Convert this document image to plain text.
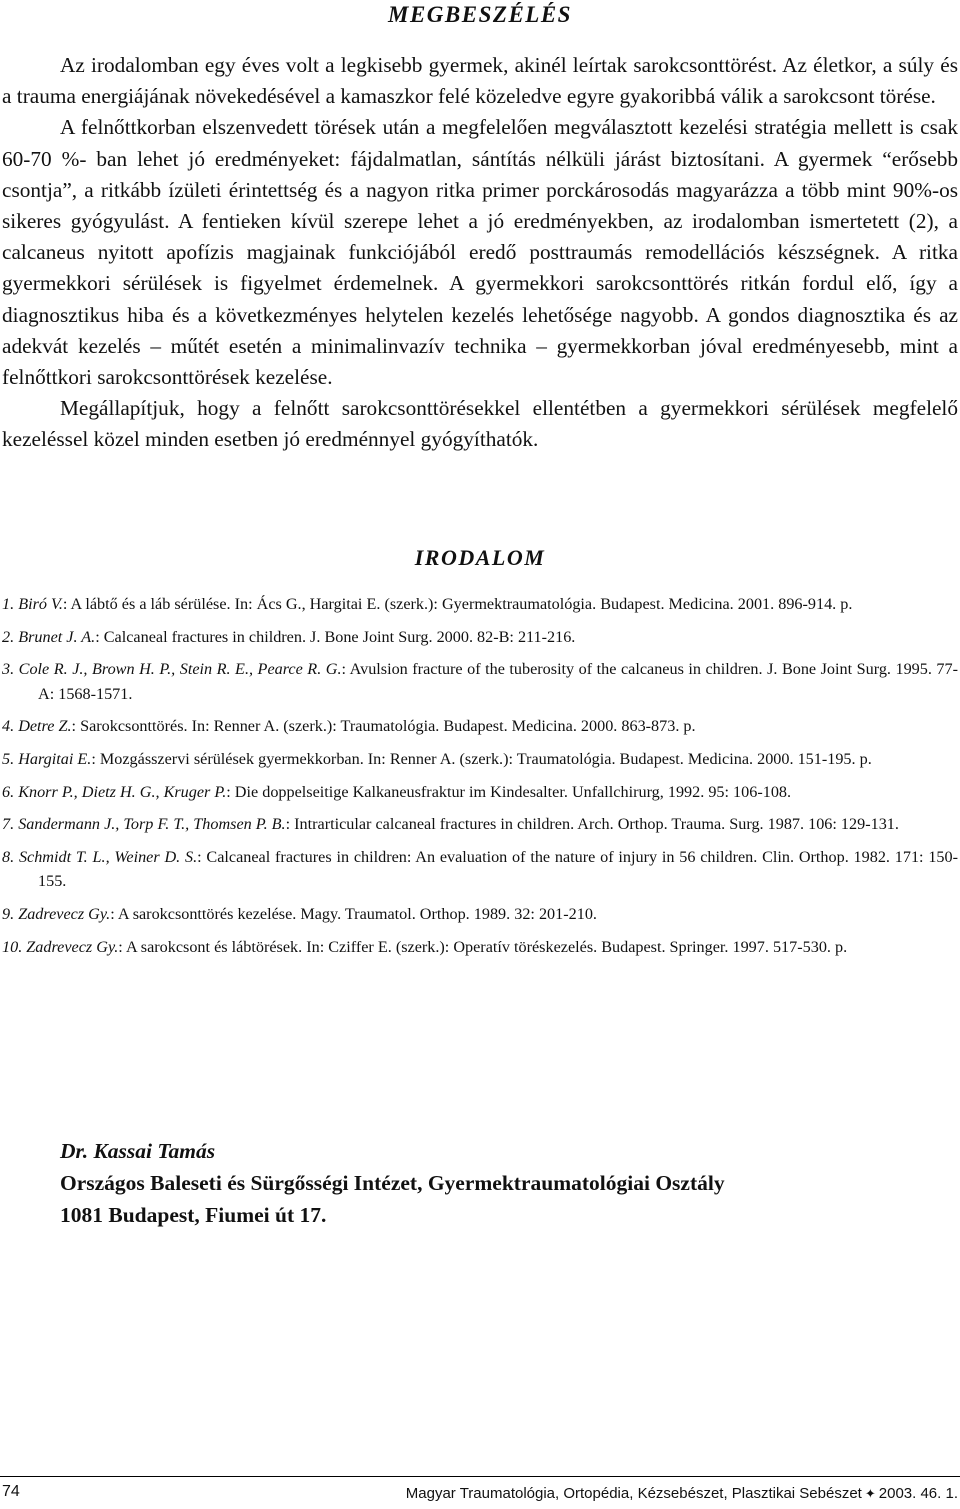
MEGBESZÉLÉS

Az irodalomban egy éves volt a legkisebb gyermek, akinél leírtak sarokcsonttörést. Az életkor, a súly és a trauma energiájának növekedésével a kamaszkor felé közeledve egyre gyakoribbá válik a sarokcsont törése.

A felnőttkorban elszenvedett törések után a megfelelően megválasztott kezelési stratégia mellett is csak 60-70 %- ban lehet jó eredményeket: fájdalmatlan, sántítás nélküli járást biztosítani. A gyermek “erősebb csontja”, a ritkább ízületi érintettség és a nagyon ritka primer porckárosodás magyarázza a több mint 90%-os sikeres gyógyulást. A fentieken kívül szerepe lehet a jó eredményekben, az irodalomban ismertetett (2), a calcaneus nyitott apofízis magjainak funkciójából eredő posttraumás remodellációs készségnek. A ritka gyermekkori sérülések is figyelmet érdemelnek. A gyermekkori sarokcsonttörés ritkán fordul elő, így a diagnosztikus hiba és a következményes helytelen kezelés lehetősége nagyobb. A gondos diagnosztika és az adekvát kezelés – műtét esetén a minimalinvazív technika – gyermekkorban jóval eredményesebb, mint a felnőttkori sarokcsonttörések kezelése.

Megállapítjuk, hogy a felnőtt sarokcsonttörésekkel ellentétben a gyermekkori sérülések megfelelő kezeléssel közel minden esetben jó eredménnyel gyógyíthatók.

IRODALOM
1. Biró V.: A lábtő és a láb sérülése. In: Ács G., Hargitai E. (szerk.): Gyermektraumatológia. Budapest. Medicina. 2001. 896-914. p.
2. Brunet J. A.: Calcaneal fractures in children. J. Bone Joint Surg. 2000. 82-B: 211-216.
3. Cole R. J., Brown H. P., Stein R. E., Pearce R. G.: Avulsion fracture of the tuberosity of the calcaneus in children. J. Bone Joint Surg. 1995. 77-A: 1568-1571.
4. Detre Z.: Sarokcsonttörés. In: Renner A. (szerk.): Traumatológia. Budapest. Medicina. 2000. 863-873. p.
5. Hargitai E.: Mozgásszervi sérülések gyermekkorban. In: Renner A. (szerk.): Traumatológia. Budapest. Medicina. 2000. 151-195. p.
6. Knorr P., Dietz H. G., Kruger P.: Die doppelseitige Kalkaneusfraktur im Kindesalter. Unfallchirurg, 1992. 95: 106-108.
7. Sandermann J., Torp F. T., Thomsen P. B.: Intrarticular calcaneal fractures in children. Arch. Orthop. Trauma. Surg. 1987. 106: 129-131.
8. Schmidt T. L., Weiner D. S.: Calcaneal fractures in children: An evaluation of the nature of injury in 56 children. Clin. Orthop. 1982. 171: 150-155.
9. Zadrevecz Gy.: A sarokcsonttörés kezelése. Magy. Traumatol. Orthop. 1989. 32: 201-210.
10. Zadrevecz Gy.: A sarokcsont és lábtörések. In: Cziffer E. (szerk.): Operatív töréskezelés. Budapest. Springer. 1997. 517-530. p.
Dr. Kassai Tamás
Országos Baleseti és Sürgősségi Intézet, Gyermektraumatológiai Osztály
1081 Budapest, Fiumei út 17.
74	Magyar Traumatológia, Ortopédia, Kézsebészet, Plasztikai Sebészet ✦ 2003. 46. 1.
